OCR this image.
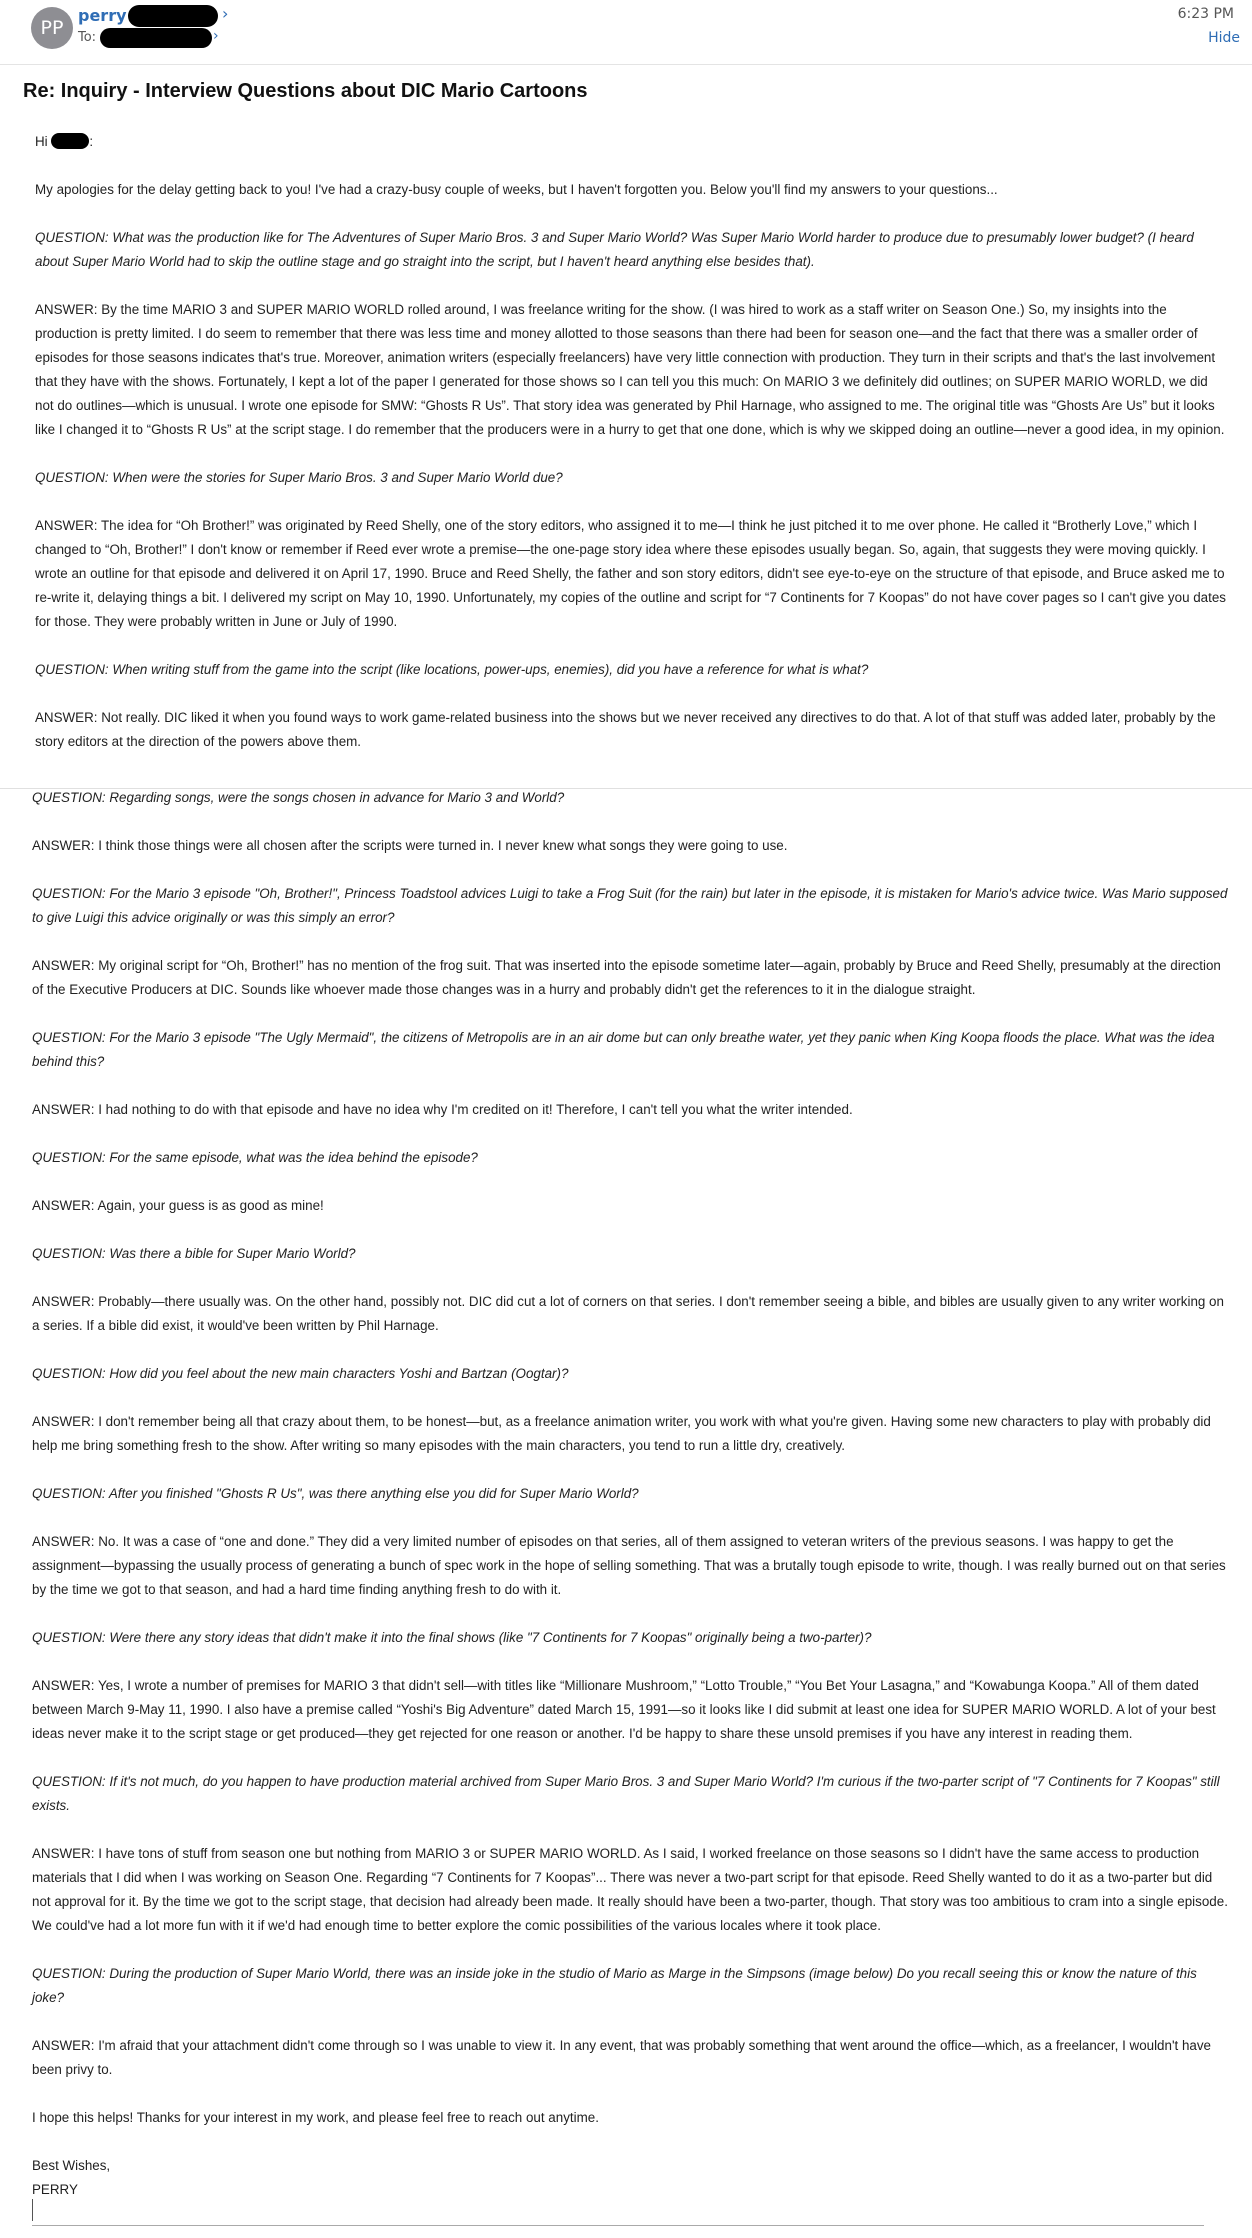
PP
perry	›
To:	›
6:23 PM
Hide
Re: Inquiry - Interview Questions about DIC Mario Cartoons

Hi	:

My apologies for the delay getting back to you! I've had a crazy-busy couple of weeks, but I haven't forgotten you. Below you'll find my answers to your questions...

QUESTION: What was the production like for The Adventures of Super Mario Bros. 3 and Super Mario World? Was Super Mario World harder to produce due to presumably lower budget? (I heard about Super Mario World had to skip the outline stage and go straight into the script, but I haven't heard anything else besides that).

ANSWER: By the time MARIO 3 and SUPER MARIO WORLD rolled around, I was freelance writing for the show. (I was hired to work as a staff writer on Season One.) So, my insights into the production is pretty limited. I do seem to remember that there was less time and money allotted to those seasons than there had been for season one—and the fact that there was a smaller order of episodes for those seasons indicates that's true. Moreover, animation writers (especially freelancers) have very little connection with production. They turn in their scripts and that's the last involvement that they have with the shows. Fortunately, I kept a lot of the paper I generated for those shows so I can tell you this much: On MARIO 3 we definitely did outlines; on SUPER MARIO WORLD, we did not do outlines—which is unusual. I wrote one episode for SMW: “Ghosts R Us”. That story idea was generated by Phil Harnage, who assigned to me. The original title was “Ghosts Are Us” but it looks like I changed it to “Ghosts R Us” at the script stage. I do remember that the producers were in a hurry to get that one done, which is why we skipped doing an outline—never a good idea, in my opinion.

QUESTION: When were the stories for Super Mario Bros. 3 and Super Mario World due?

ANSWER: The idea for “Oh Brother!” was originated by Reed Shelly, one of the story editors, who assigned it to me—I think he just pitched it to me over phone. He called it “Brotherly Love,” which I changed to “Oh, Brother!” I don't know or remember if Reed ever wrote a premise—the one-page story idea where these episodes usually began. So, again, that suggests they were moving quickly. I wrote an outline for that episode and delivered it on April 17, 1990. Bruce and Reed Shelly, the father and son story editors, didn't see eye-to-eye on the structure of that episode, and Bruce asked me to re-write it, delaying things a bit. I delivered my script on May 10, 1990. Unfortunately, my copies of the outline and script for “7 Continents for 7 Koopas” do not have cover pages so I can't give you dates for those. They were probably written in June or July of 1990.

QUESTION: When writing stuff from the game into the script (like locations, power-ups, enemies), did you have a reference for what is what?

ANSWER: Not really. DIC liked it when you found ways to work game-related business into the shows but we never received any directives to do that. A lot of that stuff was added later, probably by the story editors at the direction of the powers above them.

QUESTION: Regarding songs, were the songs chosen in advance for Mario 3 and World?

ANSWER: I think those things were all chosen after the scripts were turned in. I never knew what songs they were going to use.

QUESTION: For the Mario 3 episode "Oh, Brother!", Princess Toadstool advices Luigi to take a Frog Suit (for the rain) but later in the episode, it is mistaken for Mario's advice twice. Was Mario supposed to give Luigi this advice originally or was this simply an error?

ANSWER: My original script for “Oh, Brother!” has no mention of the frog suit. That was inserted into the episode sometime later—again, probably by Bruce and Reed Shelly, presumably at the direction of the Executive Producers at DIC. Sounds like whoever made those changes was in a hurry and probably didn't get the references to it in the dialogue straight.

QUESTION: For the Mario 3 episode "The Ugly Mermaid", the citizens of Metropolis are in an air dome but can only breathe water, yet they panic when King Koopa floods the place. What was the idea behind this?

ANSWER: I had nothing to do with that episode and have no idea why I'm credited on it! Therefore, I can't tell you what the writer intended.

QUESTION: For the same episode, what was the idea behind the episode?

ANSWER: Again, your guess is as good as mine!

QUESTION: Was there a bible for Super Mario World?

ANSWER: Probably—there usually was. On the other hand, possibly not. DIC did cut a lot of corners on that series. I don't remember seeing a bible, and bibles are usually given to any writer working on a series. If a bible did exist, it would've been written by Phil Harnage.

QUESTION: How did you feel about the new main characters Yoshi and Bartzan (Oogtar)?

ANSWER: I don't remember being all that crazy about them, to be honest—but, as a freelance animation writer, you work with what you're given. Having some new characters to play with probably did help me bring something fresh to the show. After writing so many episodes with the main characters, you tend to run a little dry, creatively.

QUESTION: After you finished "Ghosts R Us", was there anything else you did for Super Mario World?

ANSWER: No. It was a case of “one and done.” They did a very limited number of episodes on that series, all of them assigned to veteran writers of the previous seasons. I was happy to get the assignment—bypassing the usually process of generating a bunch of spec work in the hope of selling something. That was a brutally tough episode to write, though. I was really burned out on that series by the time we got to that season, and had a hard time finding anything fresh to do with it.

QUESTION: Were there any story ideas that didn't make it into the final shows (like "7 Continents for 7 Koopas" originally being a two-parter)?

ANSWER: Yes, I wrote a number of premises for MARIO 3 that didn't sell—with titles like “Millionare Mushroom,” “Lotto Trouble,” “You Bet Your Lasagna,” and “Kowabunga Koopa.” All of them dated between March 9-May 11, 1990. I also have a premise called “Yoshi's Big Adventure” dated March 15, 1991—so it looks like I did submit at least one idea for SUPER MARIO WORLD. A lot of your best ideas never make it to the script stage or get produced—they get rejected for one reason or another. I'd be happy to share these unsold premises if you have any interest in reading them.

QUESTION: If it's not much, do you happen to have production material archived from Super Mario Bros. 3 and Super Mario World? I'm curious if the two-parter script of "7 Continents for 7 Koopas" still exists.

ANSWER: I have tons of stuff from season one but nothing from MARIO 3 or SUPER MARIO WORLD. As I said, I worked freelance on those seasons so I didn't have the same access to production materials that I did when I was working on Season One. Regarding “7 Continents for 7 Koopas”... There was never a two-part script for that episode. Reed Shelly wanted to do it as a two-parter but did not approval for it. By the time we got to the script stage, that decision had already been made. It really should have been a two-parter, though. That story was too ambitious to cram into a single episode. We could've had a lot more fun with it if we'd had enough time to better explore the comic possibilities of the various locales where it took place.

QUESTION: During the production of Super Mario World, there was an inside joke in the studio of Mario as Marge in the Simpsons (image below) Do you recall seeing this or know the nature of this joke?

ANSWER: I'm afraid that your attachment didn't come through so I was unable to view it. In any event, that was probably something that went around the office—which, as a freelancer, I wouldn't have been privy to.

I hope this helps! Thanks for your interest in my work, and please feel free to reach out anytime.

Best Wishes,

PERRY
